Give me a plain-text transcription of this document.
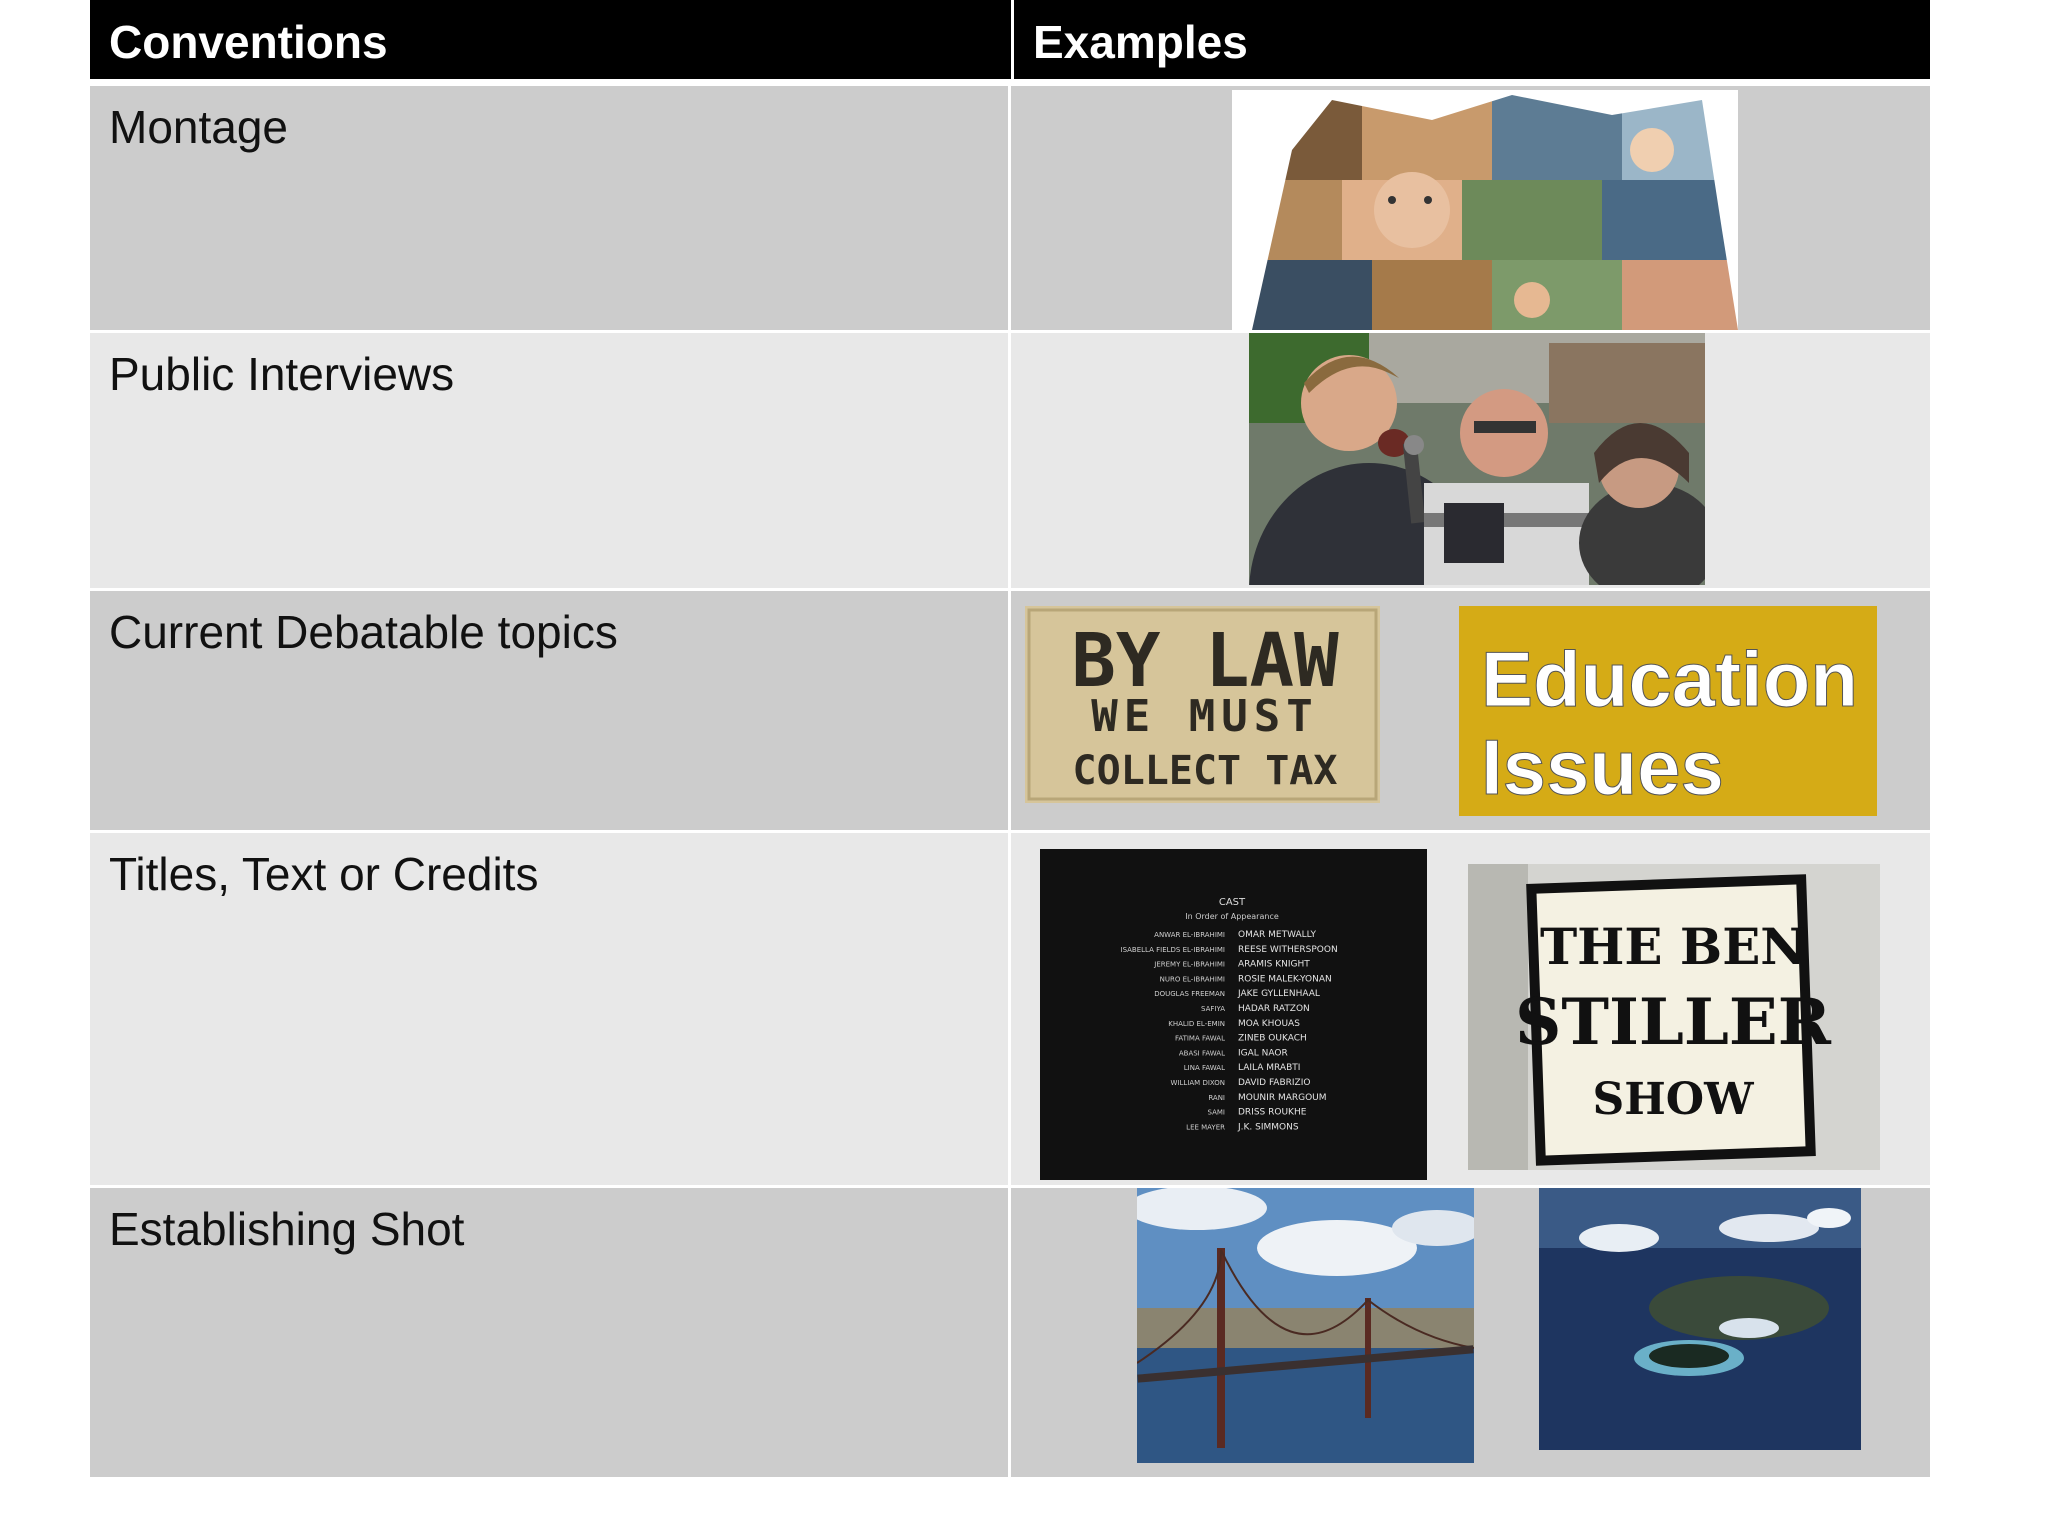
Conventions	Examples
Montage
Public Interviews
Current Debatable topics	BY LAW
WE MUST
COLLECT TAX
Education
Issues
Titles, Text or Credits
CAST
In Order of Appearance
ANWAR EL-IBRAHIMI OMAR METWALLY
ISABELLA FIELDS EL-IBRAHIMI REESE WITHERSPOON
JEREMY EL-IBRAHIMI ARAMIS KNIGHT
NURO EL-IBRAHIMI ROSIE MALEK-YONAN
DOUGLAS FREEMAN JAKE GYLLENHAAL
SAFIYA HADAR RATZON
KHALID EL-EMIN MOA KHOUAS
FATIMA FAWAL ZINEB OUKACH
ABASI FAWAL IGAL NAOR
LINA FAWAL LAILA MRABTI
WILLIAM DIXON DAVID FABRIZIO
RANI MOUNIR MARGOUM
SAMI DRISS ROUKHE
LEE MAYER J.K. SIMMONS
THE BEN
STILLER
SHOW
Establishing Shot
